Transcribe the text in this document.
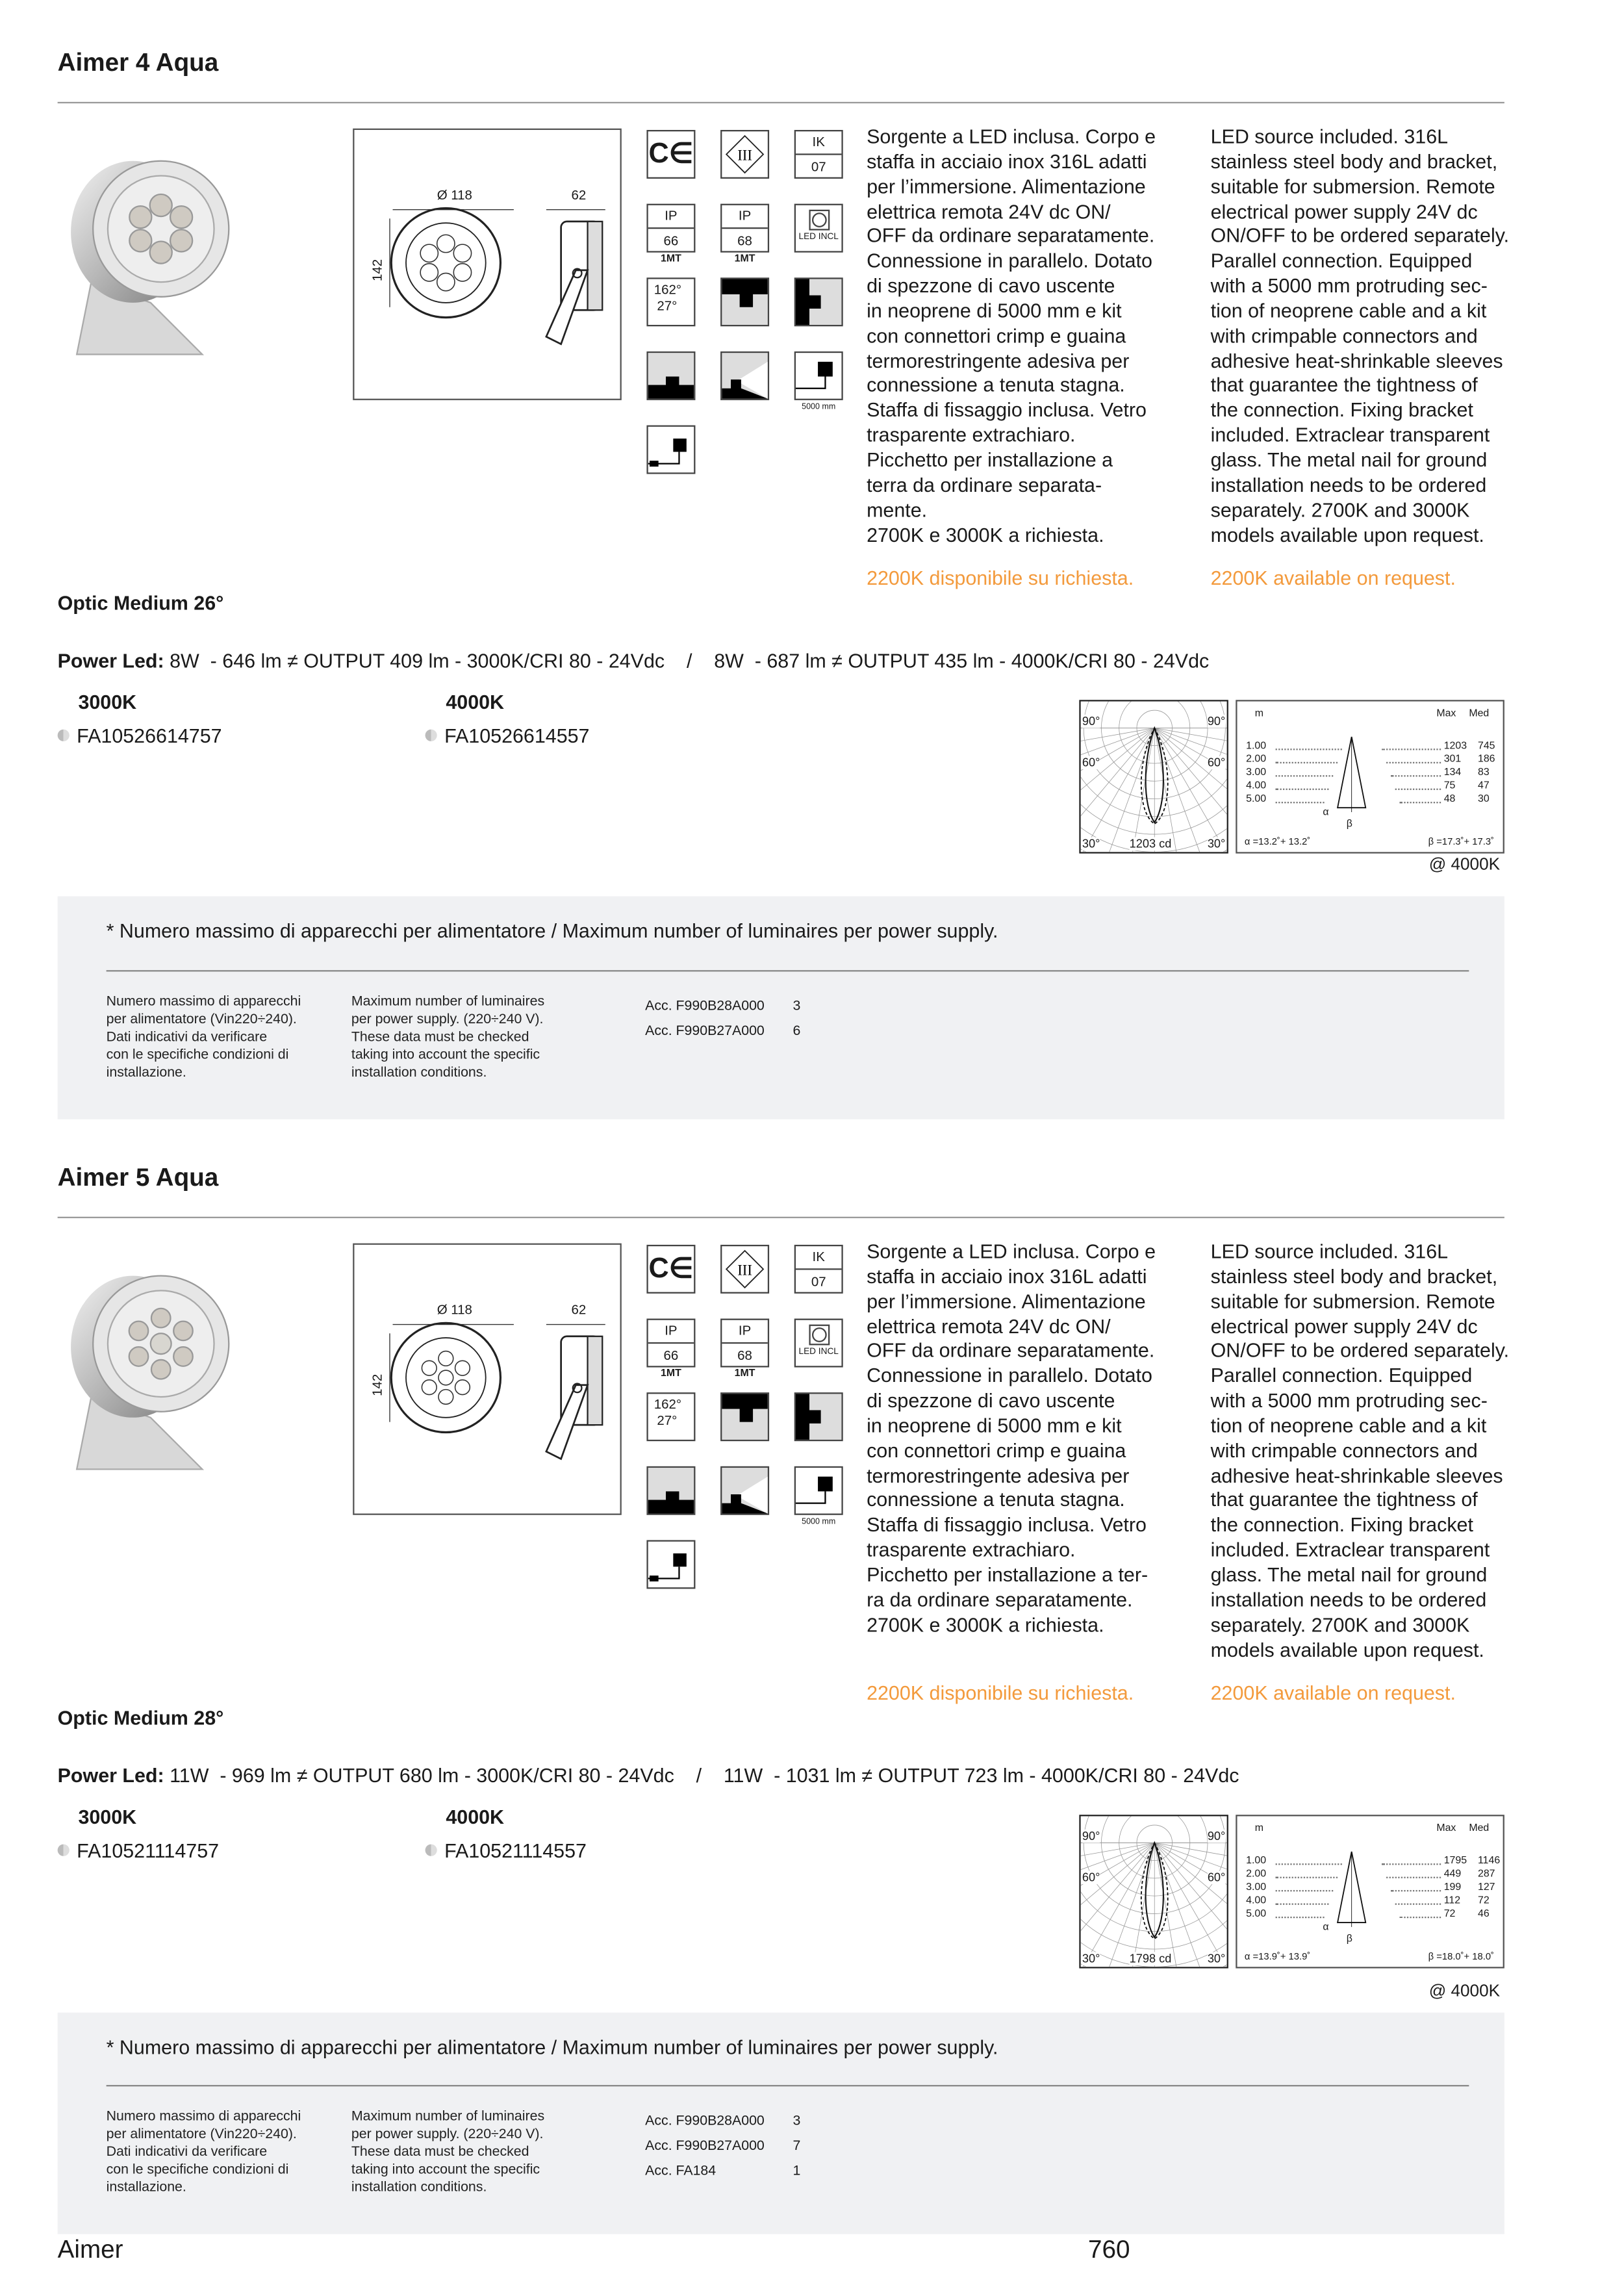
Aimer 4 Aqua
Ø 118	62
142
C∈	III
IK
07
IP
66
1MT
IP
68
1MT
LED INCL
162°
27°
5000 mm
Sorgente a LED inclusa. Corpo e
staffa in acciaio inox 316L adatti
per l’immersione. Alimentazione
elettrica remota 24V dc ON/
OFF da ordinare separatamente.
Connessione in parallelo. Dotato
di spezzone di cavo uscente
in neoprene di 5000 mm e kit
con connettori crimp e guaina
termorestringente adesiva per
connessione a tenuta stagna.
Staffa di fissaggio inclusa. Vetro
trasparente extrachiaro.
Picchetto per installazione a
terra da ordinare separata-
mente.
2700K e 3000K a richiesta.
LED source included. 316L
stainless steel body and bracket,
suitable for submersion. Remote
electrical power supply 24V dc
ON/OFF to be ordered separately.
Parallel connection. Equipped
with a 5000 mm protruding sec-
tion of neoprene cable and a kit
with crimpable connectors and
adhesive heat-shrinkable sleeves
that guarantee the tightness of
the connection. Fixing bracket
included. Extraclear transparent
glass. The metal nail for ground
installation needs to be ordered
separately. 2700K and 3000K
models available upon request.
2200K disponibile su richiesta.	2200K available on request.
Optic Medium 26°
Power Led: 8W  - 646 lm ≠ OUTPUT 409 lm - 3000K/CRI 80 - 24Vdc    /    8W  - 687 lm ≠ OUTPUT 435 lm - 4000K/CRI 80 - 24Vdc
3000K
FA10526614757
4000K
FA10526614557
90°	90°
60°	60°
30°	30°
1203 cd
m	Max	Med
1.00	1203 745
2.00	301	186
3.00	134	83
4.00	75	47
5.00	48	30
α
β
α =13.2˚+ 13.2˚	β =17.3˚+ 17.3˚
@ 4000K
* Numero massimo di apparecchi per alimentatore / Maximum number of luminaires per power supply.
Numero massimo di apparecchi
per alimentatore (Vin220÷240).
Dati indicativi da verificare
con le specifiche condizioni di
installazione.
Maximum number of luminaires
per power supply. (220÷240 V).
These data must be checked
taking into account the specific
installation conditions.
Acc. F990B28A000	3
Acc. F990B27A000	6
Aimer 5 Aqua
Ø 118	62
142
C∈	III
IK
07
IP
66
1MT
IP
68
1MT
LED INCL
162°
27°
5000 mm
Sorgente a LED inclusa. Corpo e
staffa in acciaio inox 316L adatti
per l’immersione. Alimentazione
elettrica remota 24V dc ON/
OFF da ordinare separatamente.
Connessione in parallelo. Dotato
di spezzone di cavo uscente
in neoprene di 5000 mm e kit
con connettori crimp e guaina
termorestringente adesiva per
connessione a tenuta stagna.
Staffa di fissaggio inclusa. Vetro
trasparente extrachiaro.
Picchetto per installazione a ter-
ra da ordinare separatamente.
2700K e 3000K a richiesta.
LED source included. 316L
stainless steel body and bracket,
suitable for submersion. Remote
electrical power supply 24V dc
ON/OFF to be ordered separately.
Parallel connection. Equipped
with a 5000 mm protruding sec-
tion of neoprene cable and a kit
with crimpable connectors and
adhesive heat-shrinkable sleeves
that guarantee the tightness of
the connection. Fixing bracket
included. Extraclear transparent
glass. The metal nail for ground
installation needs to be ordered
separately. 2700K and 3000K
models available upon request.
2200K disponibile su richiesta.	2200K available on request.
Optic Medium 28°
Power Led: 11W  - 969 lm ≠ OUTPUT 680 lm - 3000K/CRI 80 - 24Vdc    /    11W  - 1031 lm ≠ OUTPUT 723 lm - 4000K/CRI 80 - 24Vdc
3000K
FA10521114757
4000K
FA10521114557
90°	90°
60°	60°
30°	30°
1798 cd
m	Max	Med
1.00	1795 1146
2.00	449	287
3.00	199	127
4.00	112	72
5.00	72	46
α
β
α =13.9˚+ 13.9˚	β =18.0˚+ 18.0˚
@ 4000K
* Numero massimo di apparecchi per alimentatore / Maximum number of luminaires per power supply.
Numero massimo di apparecchi
per alimentatore (Vin220÷240).
Dati indicativi da verificare
con le specifiche condizioni di
installazione.
Maximum number of luminaires
per power supply. (220÷240 V).
These data must be checked
taking into account the specific
installation conditions.
Acc. F990B28A000	3
Acc. F990B27A000	7
Acc. FA184	1
Aimer	760
